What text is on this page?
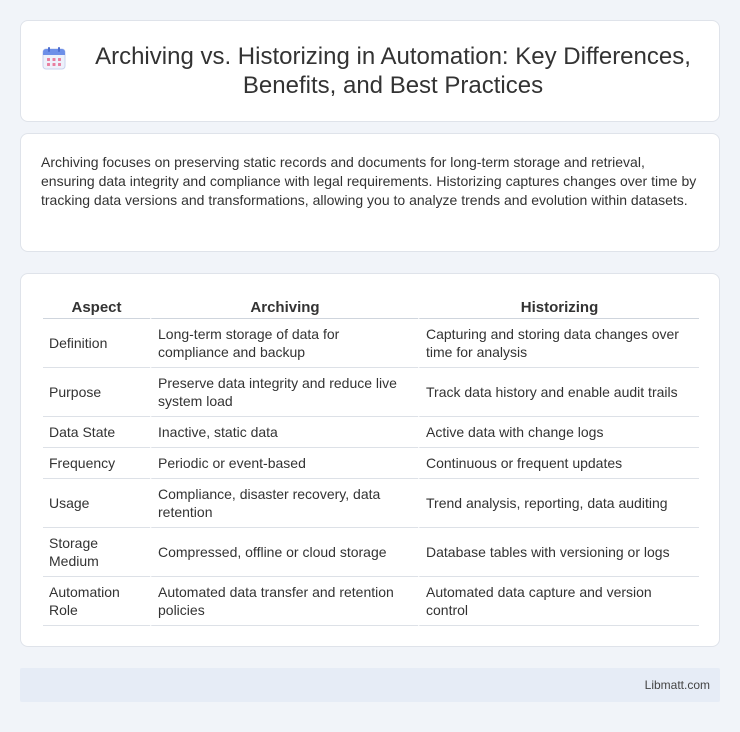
Archiving vs. Historizing in Automation: Key Differences, Benefits, and Best Practices

Archiving focuses on preserving static records and documents for long-term storage and retrieval, ensuring data integrity and compliance with legal requirements. Historizing captures changes over time by tracking data versions and transformations, allowing you to analyze trends and evolution within datasets.

Aspect	Archiving	Historizing
Definition	Long-term storage of data for compliance and backup	Capturing and storing data changes over time for analysis
Purpose	Preserve data integrity and reduce live system load	Track data history and enable audit trails
Data State	Inactive, static data	Active data with change logs
Frequency	Periodic or event-based	Continuous or frequent updates
Usage	Compliance, disaster recovery, data retention	Trend analysis, reporting, data auditing
Storage Medium	Compressed, offline or cloud storage	Database tables with versioning or logs
Automation Role	Automated data transfer and retention policies	Automated data capture and version control
Libmatt.com
